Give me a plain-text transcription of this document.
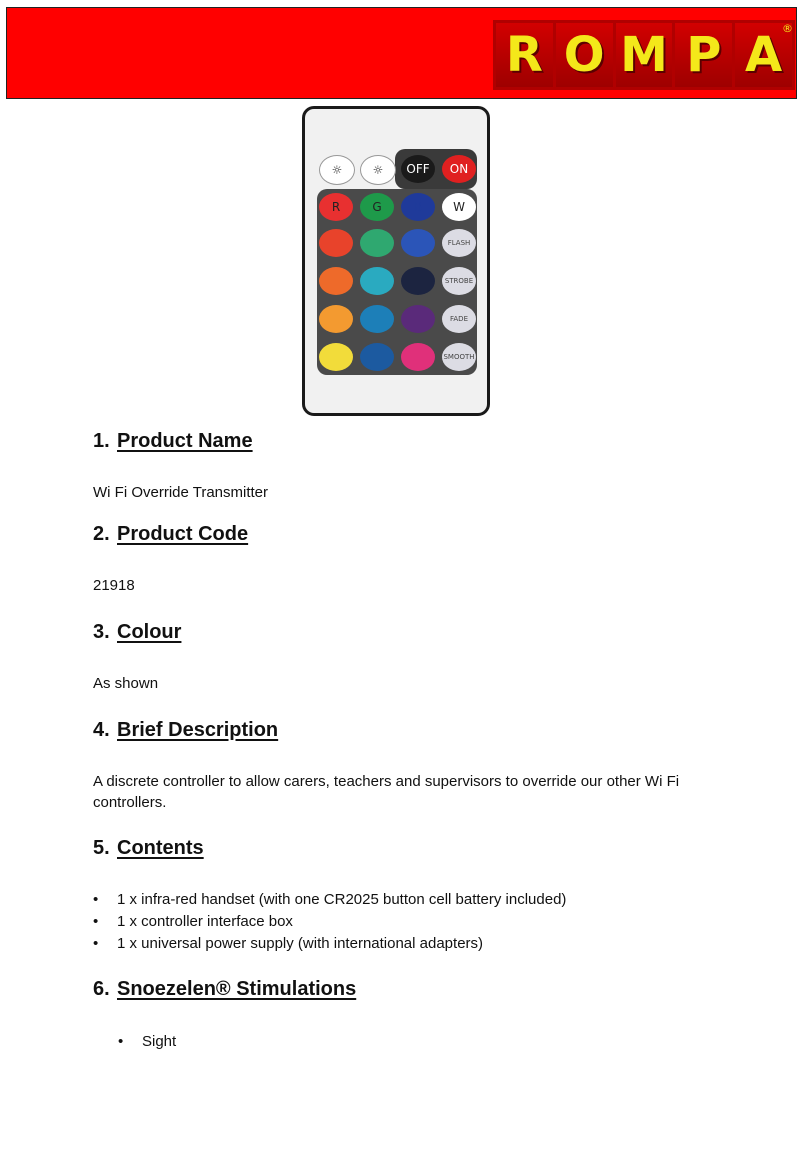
R O M P A ®
☼	☼	OFF	ON
R	G	B	W
FLASH
STROBE
FADE
SMOOTH
1. Product Name

Wi Fi Override Transmitter

2. Product Code

21918

3. Colour

As shown

4. Brief Description

A discrete controller to allow carers, teachers and supervisors to override our other Wi Fi controllers.

5. Contents
• 1 x infra-red handset (with one CR2025 button cell battery included)
• 1 x controller interface box
• 1 x universal power supply (with international adapters)
6. Snoezelen® Stimulations
• Sight
